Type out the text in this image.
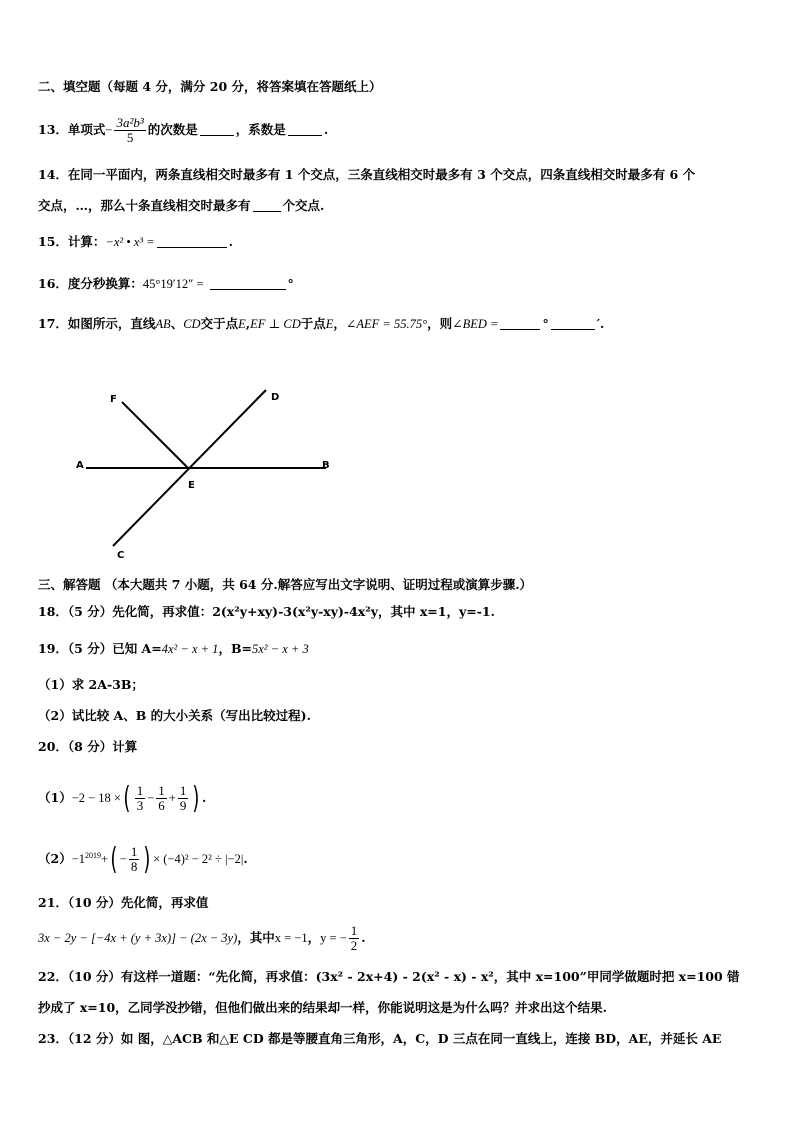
二、填空题（每题 4 分，满分 20 分，将答案填在答题纸上）
13．单项式− $\frac{\text{3a²b³}}{5}$ 的次数是	，系数是	.
14．在同一平面内，两条直线相交时最多有 1 个交点，三条直线相交时最多有 3 个交点，四条直线相交时最多有 6 个
交点，…，那么十条直线相交时最多有	个交点.
15．计算：−x² • x³ =	.
16．度分秒换算：45°19′12″ =	°
17．如图所示，直线AB、CD交于点E,EF ⊥ CD于点E，∠AEF = 55.75°，则∠BED =	°	′.
F	D
A	B
E
C
三、解答题 （本大题共 7 小题，共 64 分.解答应写出文字说明、证明过程或演算步骤.）
18．（5 分）先化简，再求值：2(x²y+xy)-3(x²y-xy)-4x²y，其中 x=1，y=-1.
19．（5 分）已知 A=4x² − x + 1，B=5x² − x + 3
（1）求 2A-3B；
（2）试比较 A、B 的大小关系（写出比较过程).
20．（8 分）计算
（1）−2 − 18 ×( $\frac{1}{3} - \frac{1}{6} + \frac{1}{9}$ ) .
$(2)-1^{2019}+( - \frac{1}{8}$ ) × (−4)² − 2² ÷ |−2|.
21．（10 分）先化简，再求值
3x − 2y − [−4x + (y + 3x)] − (2x − 3y)，其中x = −1，y = − $\frac{1}{2}$ .
22．（10 分）有这样一道题：“先化简，再求值：(3x² - 2x+4) - 2(x² - x) - x²，其中 x=100”甲同学做题时把 x=100 错
抄成了 x=10，乙同学没抄错，但他们做出来的结果却一样，你能说明这是为什么吗？并求出这个结果.
23．（12 分）如 图，△ACB 和△E CD 都是等腰直角三角形，A，C，D 三点在同一直线上，连接 BD，AE，并延长 AE
